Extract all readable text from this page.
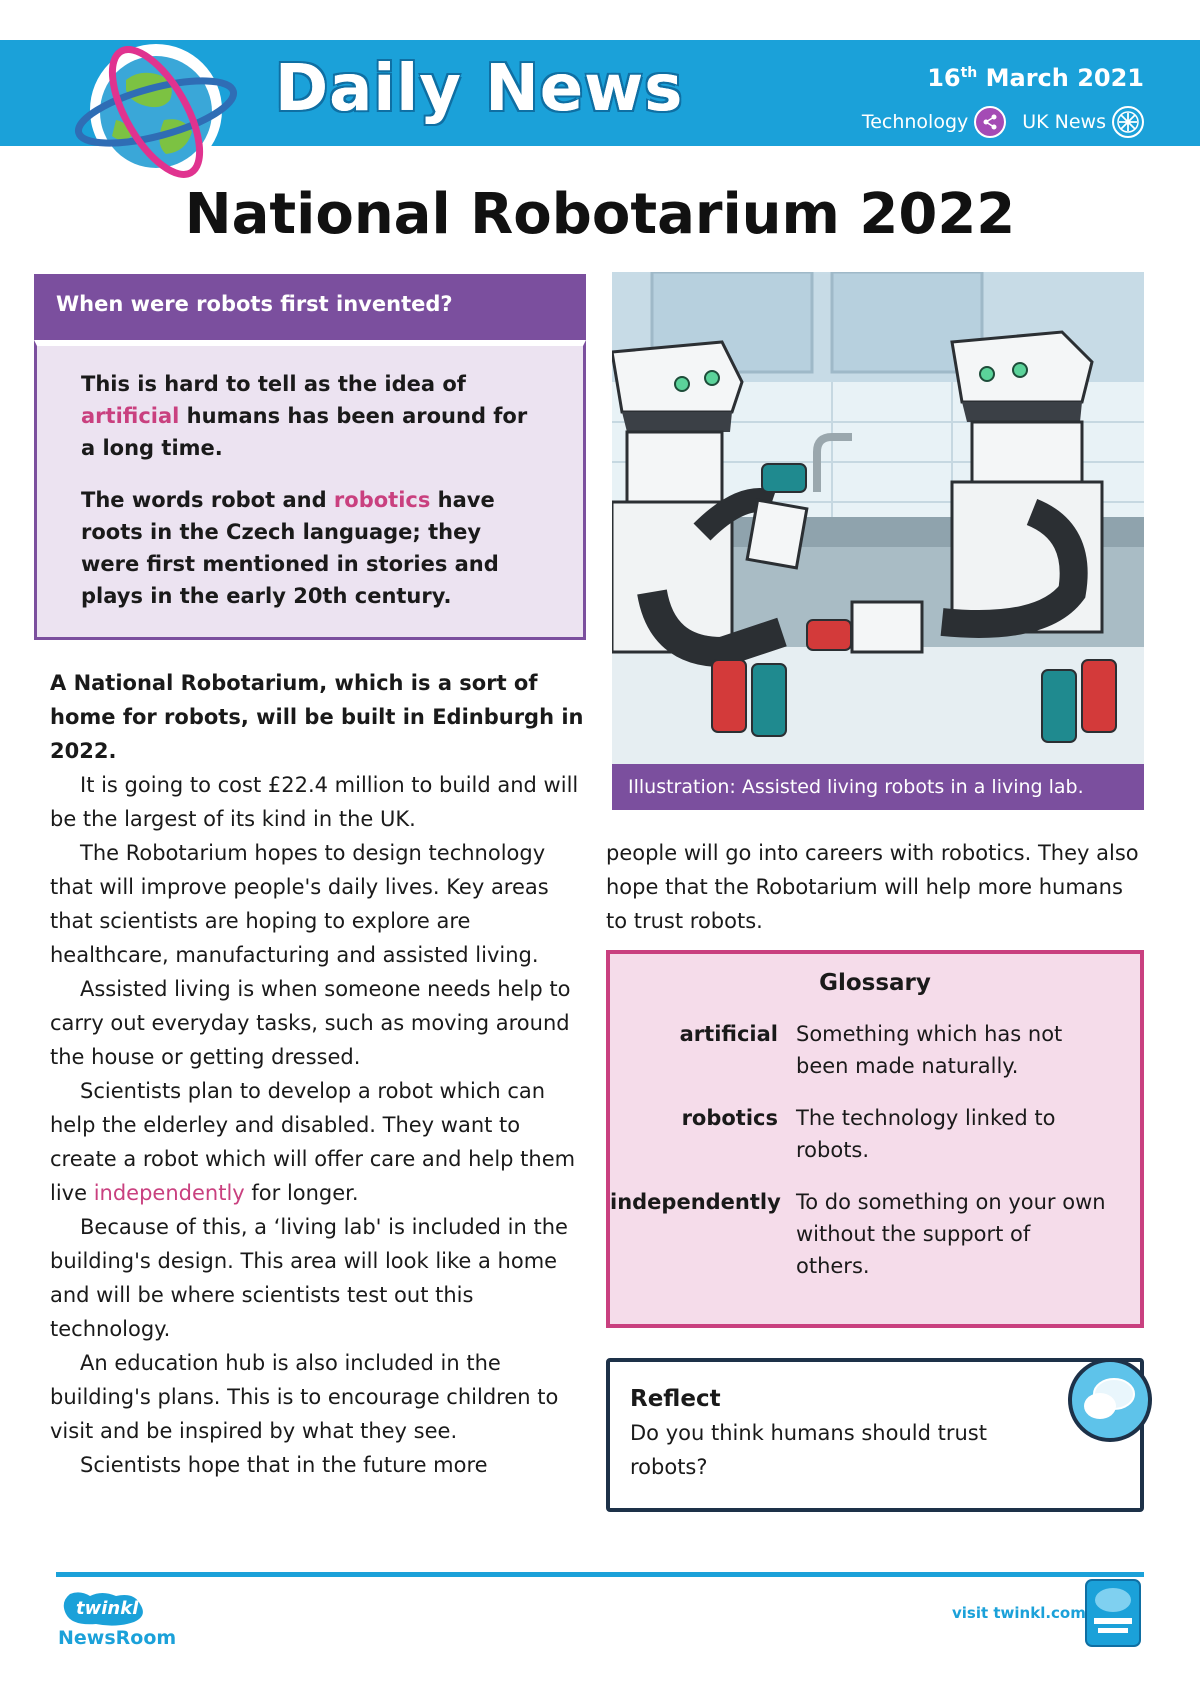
Daily News	16th March 2021
Technology	UK News
National Robotarium 2022
When were robots first invented?

This is hard to tell as the idea of artificial humans has been around for a long time.

The words robot and robotics have roots in the Czech language; they were first mentioned in stories and plays in the early 20th century.

A National Robotarium, which is a sort of home for robots, will be built in Edinburgh in 2022.

It is going to cost £22.4 million to build and will be the largest of its kind in the UK.

The Robotarium hopes to design technology that will improve people's daily lives. Key areas that scientists are hoping to explore are healthcare, manufacturing and assisted living.

Assisted living is when someone needs help to carry out everyday tasks, such as moving around the house or getting dressed.

Scientists plan to develop a robot which can help the elderley and disabled. They want to create a robot which will offer care and help them live independently for longer.

Because of this, a ‘living lab' is included in the building's design. This area will look like a home and will be where scientists test out this technology.

An education hub is also included in the building's plans. This is to encourage children to visit and be inspired by what they see.

Scientists hope that in the future more

Illustration: Assisted living robots in a living lab.
people will go into careers with robotics. They also hope that the Robotarium will help more humans to trust robots.
Glossary
artificial Something which has not been made naturally.
robotics The technology linked to robots.
independently To do something on your own without the support of others.
Reflect
Do you think humans should trust robots?
twinkl
NewsRoom
visit twinkl.com
